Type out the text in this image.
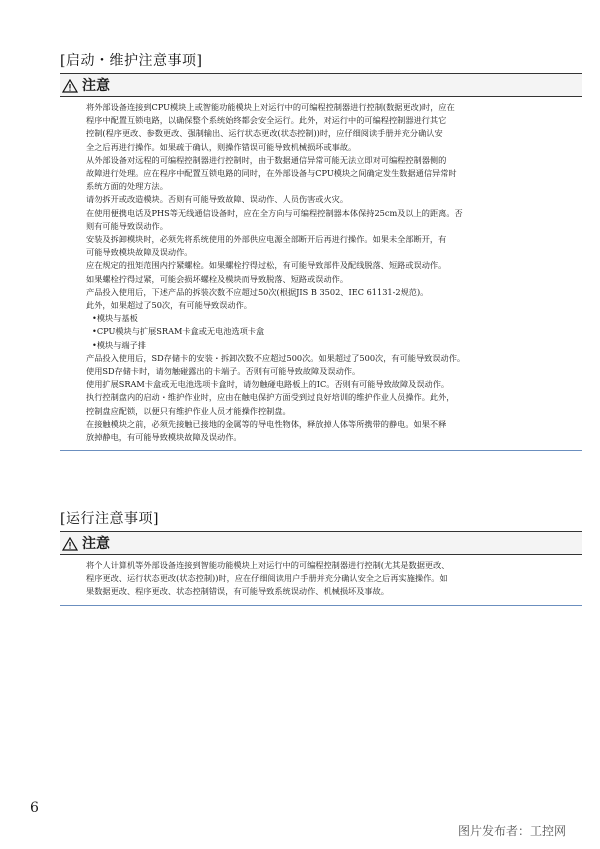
[启动・维护注意事项]
注意

将外部设备连接到CPU模块上或智能功能模块上对运行中的可编程控制器进行控制(数据更改)时，应在

程序中配置互锁电路，以确保整个系统始终都会安全运行。此外，对运行中的可编程控制器进行其它

控制(程序更改、参数更改、强制输出、运行状态更改(状态控制))时，应仔细阅读手册并充分确认安

全之后再进行操作。如果疏于确认，则操作错误可能导致机械损坏或事故。

从外部设备对远程的可编程控制器进行控制时，由于数据通信异常可能无法立即对可编程控制器侧的

故障进行处理。应在程序中配置互锁电路的同时，在外部设备与CPU模块之间确定发生数据通信异常时

系统方面的处理方法。

请勿拆开或改造模块。否则有可能导致故障、误动作、人员伤害或火灾。

在使用便携电话及PHS等无线通信设备时，应在全方向与可编程控制器本体保持25cm及以上的距离。否

则有可能导致误动作。

安装及拆卸模块时，必须先将系统使用的外部供应电源全部断开后再进行操作。如果未全部断开，有

可能导致模块故障及误动作。

应在规定的扭矩范围内拧紧螺栓。如果螺栓拧得过松，有可能导致部件及配线脱落、短路或误动作。

如果螺栓拧得过紧，可能会损坏螺栓及模块而导致脱落、短路或误动作。

产品投入使用后，下述产品的拆装次数不应超过50次(根据JIS B 3502、IEC 61131-2规范)。

此外，如果超过了50次，有可能导致误动作。

•模块与基板

•CPU模块与扩展SRAM卡盒或无电池选项卡盒

•模块与端子排

产品投入使用后，SD存储卡的安装・拆卸次数不应超过500次。如果超过了500次，有可能导致误动作。

使用SD存储卡时，请勿触碰露出的卡端子。否则有可能导致故障及误动作。

使用扩展SRAM卡盒或无电池选项卡盒时，请勿触碰电路板上的IC。否则有可能导致故障及误动作。

执行控制盘内的启动・维护作业时，应由在触电保护方面受到过良好培训的维护作业人员操作。此外，

控制盘应配锁，以便只有维护作业人员才能操作控制盘。

在接触模块之前，必须先接触已接地的金属等的导电性物体，释放掉人体等所携带的静电。如果不释

放掉静电，有可能导致模块故障及误动作。

[运行注意事项]
注意

将个人计算机等外部设备连接到智能功能模块上对运行中的可编程控制器进行控制(尤其是数据更改、

程序更改、运行状态更改(状态控制))时，应在仔细阅读用户手册并充分确认安全之后再实施操作。如

果数据更改、程序更改、状态控制错误，有可能导致系统误动作、机械损坏及事故。

6
图片发布者：工控网
